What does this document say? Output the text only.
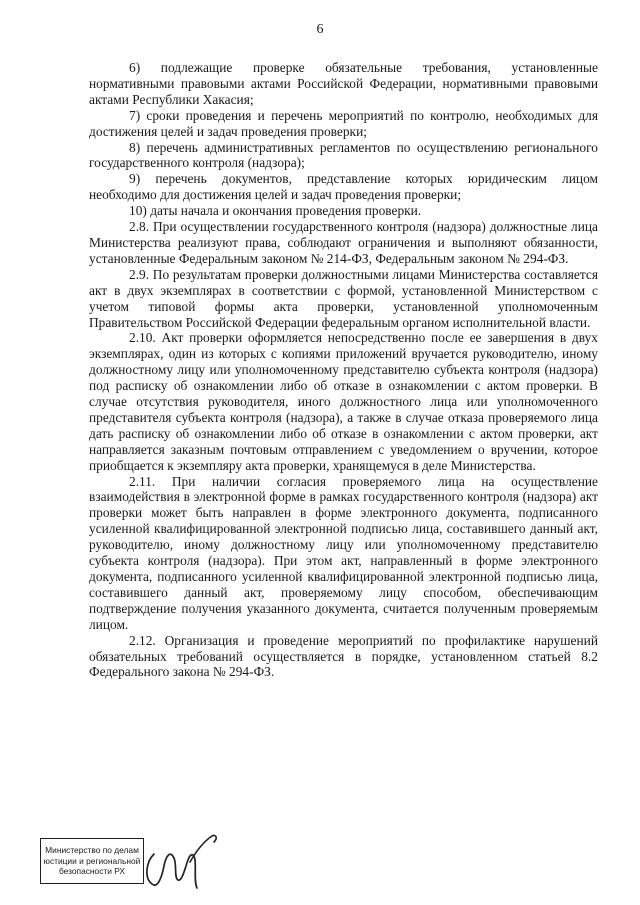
6

6) подлежащие проверке обязательные требования, установленные нормативными правовыми актами Российской Федерации, нормативными правовыми актами Республики Хакасия;

7) сроки проведения и перечень мероприятий по контролю, необходимых для достижения целей и задач проведения проверки;

8) перечень административных регламентов по осуществлению регионального государственного контроля (надзора);

9) перечень документов, представление которых юридическим лицом необходимо для достижения целей и задач проведения проверки;

10) даты начала и окончания проведения проверки.

2.8. При осуществлении государственного контроля (надзора) должностные лица Министерства реализуют права, соблюдают ограничения и выполняют обязанности, установленные Федеральным законом № 214-ФЗ, Федеральным законом № 294-ФЗ.

2.9. По результатам проверки должностными лицами Министерства составляется акт в двух экземплярах в соответствии с формой, установленной Министерством с учетом типовой формы акта проверки, установленной уполномоченным Правительством Российской Федерации федеральным органом исполнительной власти.

2.10. Акт проверки оформляется непосредственно после ее завершения в двух экземплярах, один из которых с копиями приложений вручается руководителю, иному должностному лицу или уполномоченному представителю субъекта контроля (надзора) под расписку об ознакомлении либо об отказе в ознакомлении с актом проверки. В случае отсутствия руководителя, иного должностного лица или уполномоченного представителя субъекта контроля (надзора), а также в случае отказа проверяемого лица дать расписку об ознакомлении либо об отказе в ознакомлении с актом проверки, акт направляется заказным почтовым отправлением с уведомлением о вручении, которое приобщается к экземпляру акта проверки, хранящемуся в деле Министерства.

2.11. При наличии согласия проверяемого лица на осуществление взаимодействия в электронной форме в рамках государственного контроля (надзора) акт проверки может быть направлен в форме электронного документа, подписанного усиленной квалифицированной электронной подписью лица, составившего данный акт, руководителю, иному должностному лицу или уполномоченному представителю субъекта контроля (надзора). При этом акт, направленный в форме электронного документа, подписанного усиленной квалифицированной электронной подписью лица, составившего данный акт, проверяемому лицу способом, обеспечивающим подтверждение получения указанного документа, считается полученным проверяемым лицом.

2.12. Организация и проведение мероприятий по профилактике нарушений обязательных требований осуществляется в порядке, установленном статьей 8.2 Федерального закона № 294-ФЗ.

Министерство по делам
юстиции и региональной
безопасности РХ
